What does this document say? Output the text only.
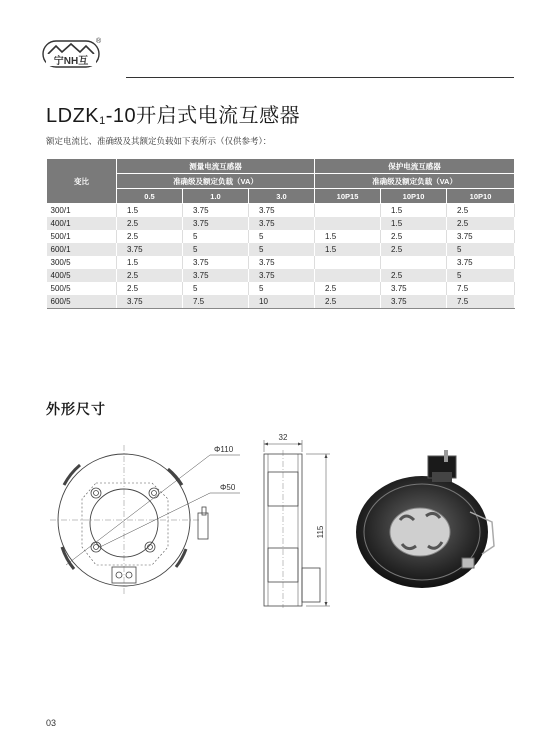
宁NH互
®
$LDZK_1-10$开启式电流互感器
额定电流比、准确级及其额定负载如下表所示（仅供参考）：
变比	测量电流互感器			保护电流互感器		
	准确级及额定负载（VA）			准确级及额定负载（VA）		
	0.5	1.0	3.0	10P15	10P10	10P10
300/1	1.5	3.75	3.75		1.5	2.5
400/1	2.5	3.75	3.75		1.5	2.5
500/1	2.5	5	5	1.5	2.5	3.75
600/1	3.75	5	5	1.5	2.5	5
300/5	1.5	3.75	3.75			3.75
400/5	2.5	3.75	3.75		2.5	5
500/5	2.5	5	5	2.5	3.75	7.5
600/5	3.75	7.5	10	2.5	3.75	7.5
外形尺寸
Φ110
Φ50
32
115
03
